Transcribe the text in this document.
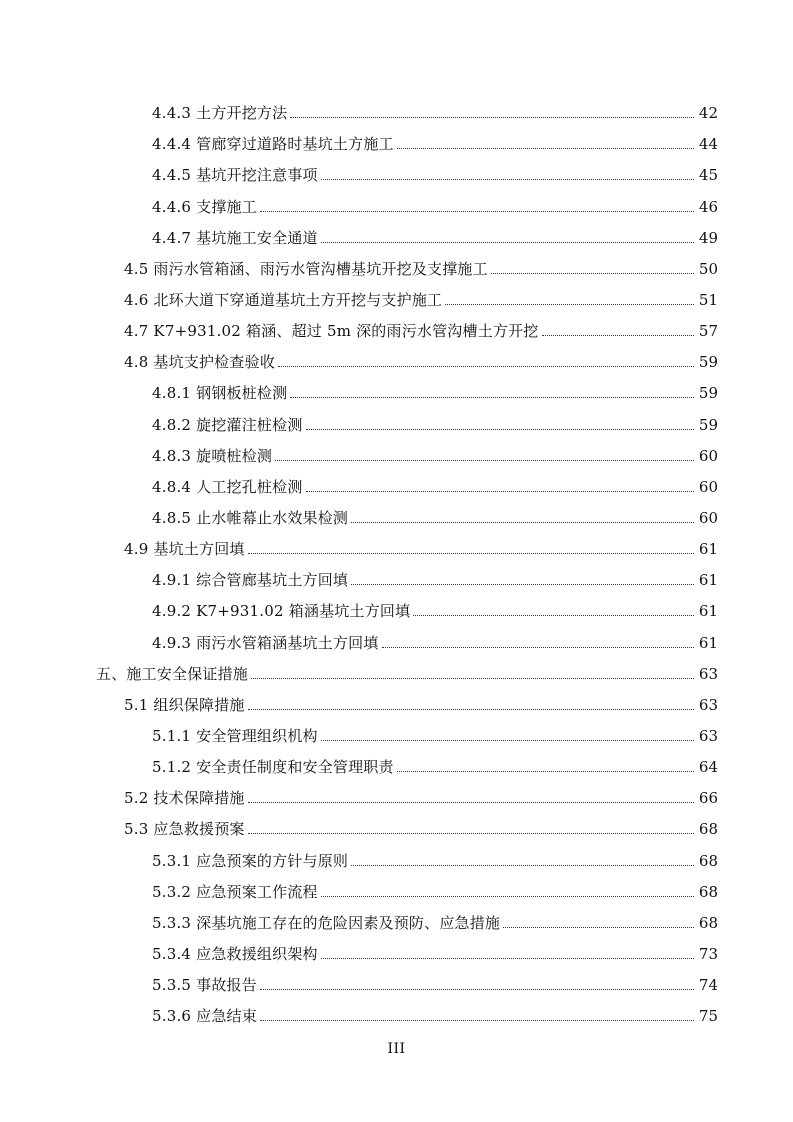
4.4.3 土方开挖方法	42
4.4.4 管廊穿过道路时基坑土方施工	44
4.4.5 基坑开挖注意事项	45
4.4.6 支撑施工	46
4.4.7 基坑施工安全通道	49
4.5 雨污水管箱涵、雨污水管沟槽基坑开挖及支撑施工	50
4.6 北环大道下穿通道基坑土方开挖与支护施工	51
4.7 K7+931.02 箱涵、超过 5m 深的雨污水管沟槽土方开挖	57
4.8 基坑支护检查验收	59
4.8.1 钢钢板桩检测	59
4.8.2 旋挖灌注桩检测	59
4.8.3 旋喷桩检测	60
4.8.4 人工挖孔桩检测	60
4.8.5 止水帷幕止水效果检测	60
4.9 基坑土方回填	61
4.9.1 综合管廊基坑土方回填	61
4.9.2 K7+931.02 箱涵基坑土方回填	61
4.9.3 雨污水管箱涵基坑土方回填	61
五、施工安全保证措施	63
5.1 组织保障措施	63
5.1.1 安全管理组织机构	63
5.1.2 安全责任制度和安全管理职责	64
5.2 技术保障措施	66
5.3 应急救援预案	68
5.3.1 应急预案的方针与原则	68
5.3.2 应急预案工作流程	68
5.3.3 深基坑施工存在的危险因素及预防、应急措施	68
5.3.4 应急救援组织架构	73
5.3.5 事故报告	74
5.3.6 应急结束	75
III
